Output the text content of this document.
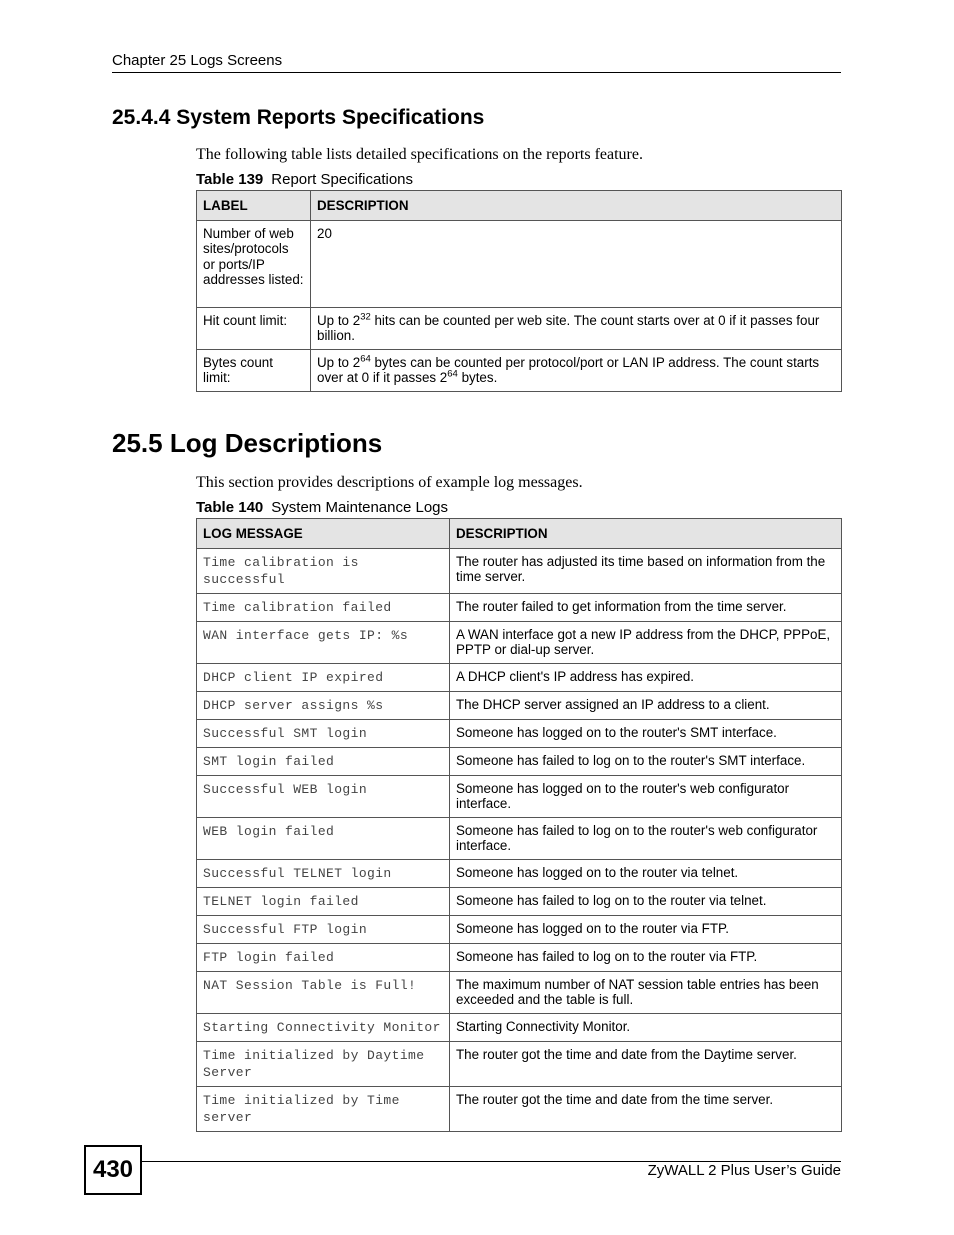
Chapter 25 Logs Screens
25.4.4 System Reports Specifications
The following table lists detailed specifications on the reports feature.
Table 139 Report Specifications
LABEL	DESCRIPTION
Number of web sites/protocols or ports/IP addresses listed:	20
Hit count limit:	Up to $2^{32}$ hits can be counted per web site. The count starts over at 0 if it passes four billion.
Bytes count limit:	Up to $2^{64}$ bytes can be counted per protocol/port or LAN IP address. The count starts over at 0 if it passes $2^{64}$ bytes.
25.5 Log Descriptions
This section provides descriptions of example log messages.
Table 140 System Maintenance Logs
LOG MESSAGE	DESCRIPTION
Time calibration is successful	The router has adjusted its time based on information from the time server.
Time calibration failed	The router failed to get information from the time server.
WAN interface gets IP: %s	A WAN interface got a new IP address from the DHCP, PPPoE, PPTP or dial-up server.
DHCP client IP expired	A DHCP client's IP address has expired.
DHCP server assigns %s	The DHCP server assigned an IP address to a client.
Successful SMT login	Someone has logged on to the router's SMT interface.
SMT login failed	Someone has failed to log on to the router's SMT interface.
Successful WEB login	Someone has logged on to the router's web configurator interface.
WEB login failed	Someone has failed to log on to the router's web configurator interface.
Successful TELNET login	Someone has logged on to the router via telnet.
TELNET login failed	Someone has failed to log on to the router via telnet.
Successful FTP login	Someone has logged on to the router via FTP.
FTP login failed	Someone has failed to log on to the router via FTP.
NAT Session Table is Full!	The maximum number of NAT session table entries has been exceeded and the table is full.
Starting Connectivity Monitor	Starting Connectivity Monitor.
Time initialized by Daytime Server	The router got the time and date from the Daytime server.
Time initialized by Time server	The router got the time and date from the time server.
430	ZyWALL 2 Plus User’s Guide
